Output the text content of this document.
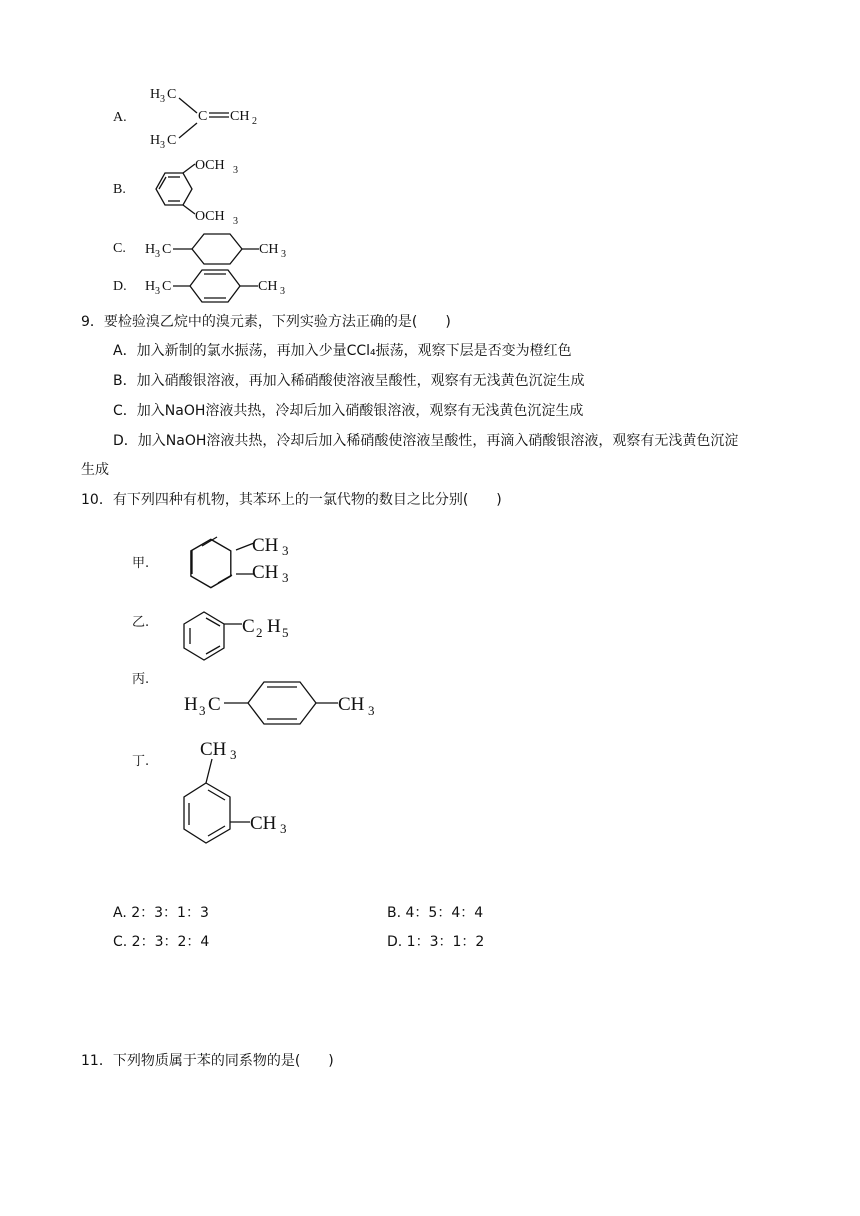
A.
H 3 C
C CH 2
H 3 C
B.
OCH 3
OCH 3
C. H 3 C	CH 3
D. H 3 C	CH 3
9．要检验溴乙烷中的溴元素，下列实验方法正确的是(　　)
A．加入新制的氯水振荡，再加入少量CCl₄振荡，观察下层是否变为橙红色
B．加入硝酸银溶液，再加入稀硝酸使溶液呈酸性，观察有无浅黄色沉淀生成
C．加入NaOH溶液共热，冷却后加入硝酸银溶液，观察有无浅黄色沉淀生成
D．加入NaOH溶液共热，冷却后加入稀硝酸使溶液呈酸性，再滴入硝酸银溶液，观察有无浅黄色沉淀
生成
10．有下列四种有机物，其苯环上的一氯代物的数目之比分别(　　)
甲.
CH 3
CH 3
乙.	C 2 H 5
丙.
H 3 C	CH 3
丁.
CH 3
CH 3
A. 2：3：1：3	B. 4：5：4：4
C. 2：3：2：4	D. 1：3：1：2
11．下列物质属于苯的同系物的是(　　)
